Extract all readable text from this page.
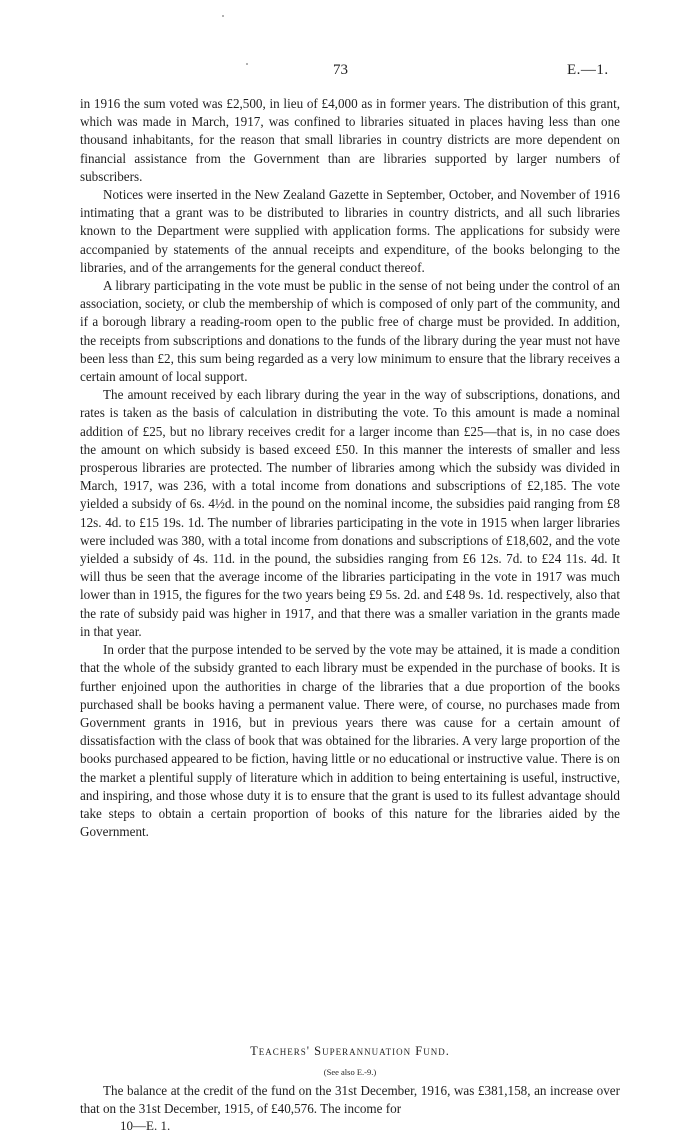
73	E.—1.

in 1916 the sum voted was £2,500, in lieu of £4,000 as in former years. The distribution of this grant, which was made in March, 1917, was confined to libraries situated in places having less than one thousand inhabitants, for the reason that small libraries in country districts are more dependent on financial assistance from the Government than are libraries supported by larger numbers of subscribers.

Notices were inserted in the New Zealand Gazette in September, October, and November of 1916 intimating that a grant was to be distributed to libraries in country districts, and all such libraries known to the Department were supplied with application forms. The applications for subsidy were accompanied by statements of the annual receipts and expenditure, of the books belonging to the libraries, and of the arrangements for the general conduct thereof.

A library participating in the vote must be public in the sense of not being under the control of an association, society, or club the membership of which is composed of only part of the community, and if a borough library a reading-room open to the public free of charge must be provided. In addition, the receipts from subscriptions and donations to the funds of the library during the year must not have been less than £2, this sum being regarded as a very low minimum to ensure that the library receives a certain amount of local support.

The amount received by each library during the year in the way of subscriptions, donations, and rates is taken as the basis of calculation in distributing the vote. To this amount is made a nominal addition of £25, but no library receives credit for a larger income than £25—that is, in no case does the amount on which subsidy is based exceed £50. In this manner the interests of smaller and less prosperous libraries are protected. The number of libraries among which the subsidy was divided in March, 1917, was 236, with a total income from donations and subscriptions of £2,185. The vote yielded a subsidy of 6s. 4½d. in the pound on the nominal income, the subsidies paid ranging from £8 12s. 4d. to £15 19s. 1d. The number of libraries participating in the vote in 1915 when larger libraries were included was 380, with a total income from donations and subscriptions of £18,602, and the vote yielded a subsidy of 4s. 11d. in the pound, the subsidies ranging from £6 12s. 7d. to £24 11s. 4d. It will thus be seen that the average income of the libraries participating in the vote in 1917 was much lower than in 1915, the figures for the two years being £9 5s. 2d. and £48 9s. 1d. respectively, also that the rate of subsidy paid was higher in 1917, and that there was a smaller variation in the grants made in that year.

In order that the purpose intended to be served by the vote may be attained, it is made a condition that the whole of the subsidy granted to each library must be expended in the purchase of books. It is further enjoined upon the authorities in charge of the libraries that a due proportion of the books purchased shall be books having a permanent value. There were, of course, no purchases made from Government grants in 1916, but in previous years there was cause for a certain amount of dissatisfaction with the class of book that was obtained for the libraries. A very large proportion of the books purchased appeared to be fiction, having little or no educational or instructive value. There is on the market a plentiful supply of literature which in addition to being entertaining is useful, instructive, and inspiring, and those whose duty it is to ensure that the grant is used to its fullest advantage should take steps to obtain a certain proportion of books of this nature for the libraries aided by the Government.

Teachers' Superannuation Fund.
(See also E.-9.)

The balance at the credit of the fund on the 31st December, 1916, was £381,158, an increase over that on the 31st December, 1915, of £40,576. The income for

10—E. 1.
